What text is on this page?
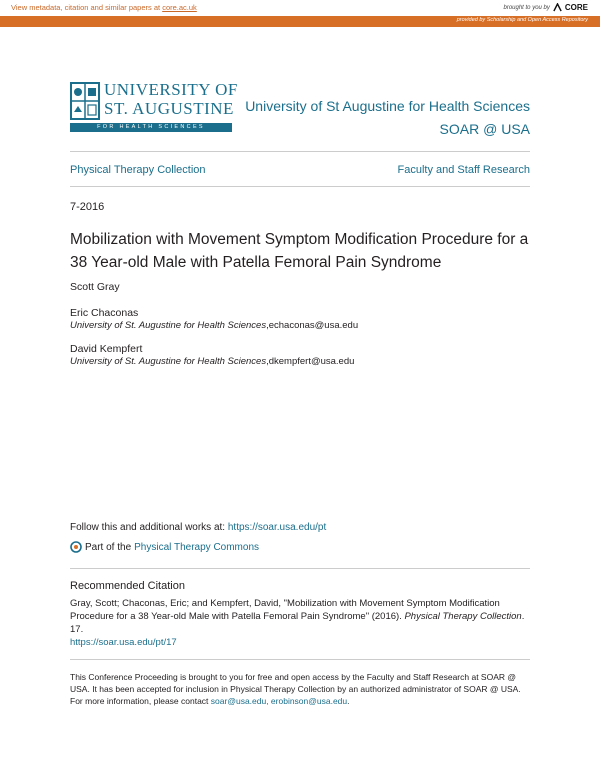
View metadata, citation and similar papers at core.ac.uk	brought to you by CORE
provided by Scholarship and Open Access Repository
UNIVERSITY OF
ST. AUGUSTINE
FOR HEALTH SCIENCES
University of St Augustine for Health Sciences
SOAR @ USA
Physical Therapy Collection	Faculty and Staff Research
7-2016
Mobilization with Movement Symptom Modification Procedure for a 38 Year-old Male with Patella Femoral Pain Syndrome
Scott Gray
Eric Chaconas
University of St. Augustine for Health Sciences,echaconas@usa.edu
David Kempfert
University of St. Augustine for Health Sciences,dkempfert@usa.edu
Follow this and additional works at: https://soar.usa.edu/pt
Part of the Physical Therapy Commons
Recommended Citation
Gray, Scott; Chaconas, Eric; and Kempfert, David, "Mobilization with Movement Symptom Modification Procedure for a 38 Year-old Male with Patella Femoral Pain Syndrome" (2016). Physical Therapy Collection. 17.
https://soar.usa.edu/pt/17
This Conference Proceeding is brought to you for free and open access by the Faculty and Staff Research at SOAR @ USA. It has been accepted for inclusion in Physical Therapy Collection by an authorized administrator of SOAR @ USA. For more information, please contact soar@usa.edu, erobinson@usa.edu.
